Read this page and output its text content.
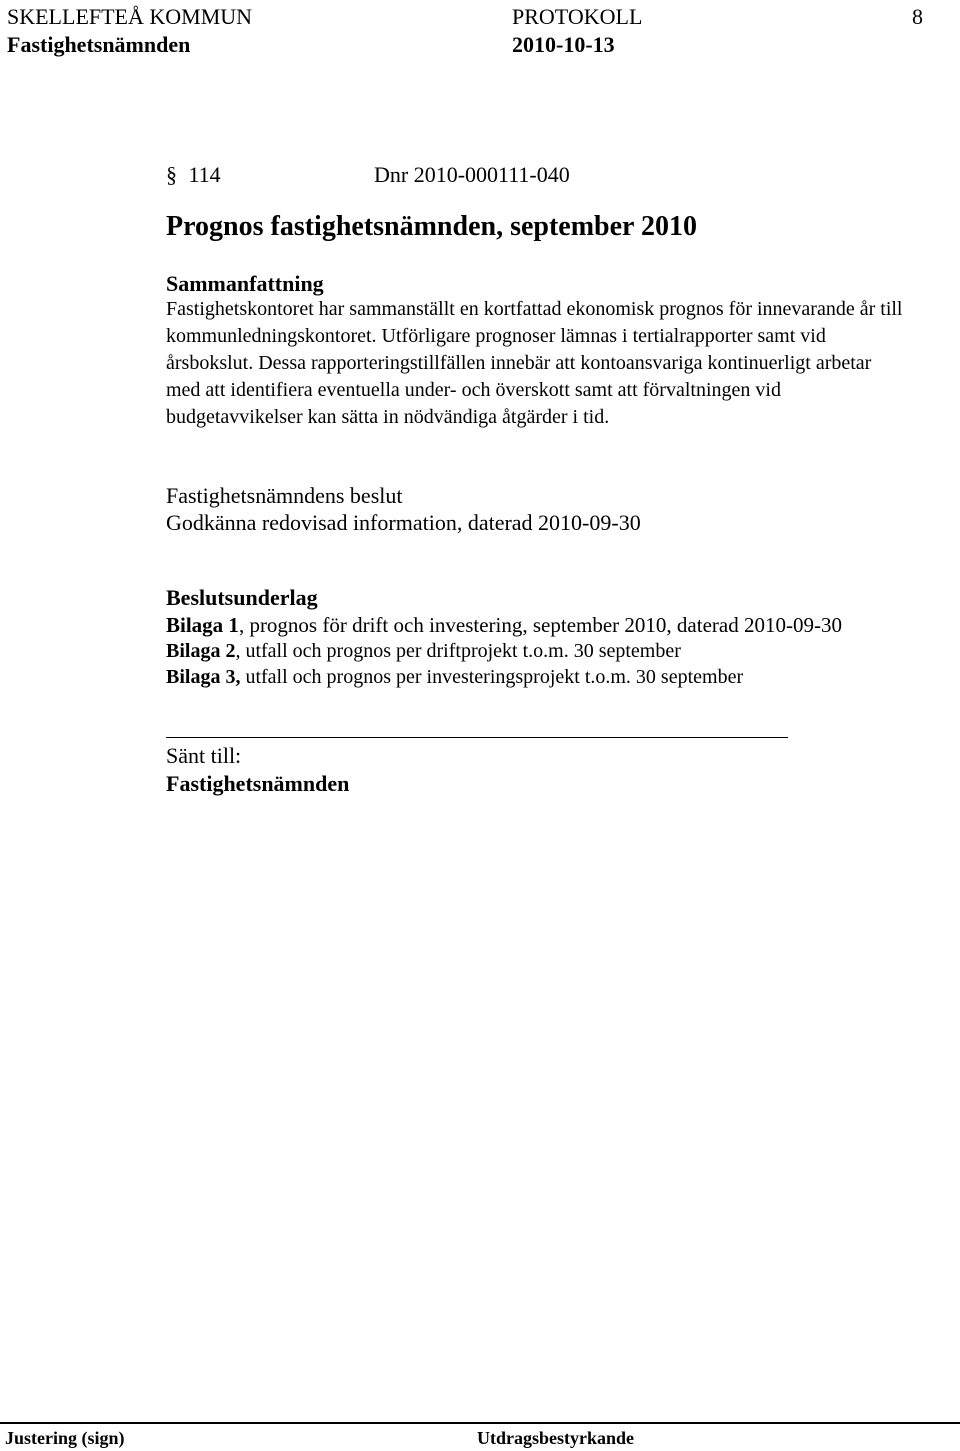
SKELLEFTEÅ KOMMUN	PROTOKOLL	8
Fastighetsnämnden	2010-10-13
§ 114	Dnr 2010-000111-040
Prognos fastighetsnämnden, september 2010
Sammanfattning
Fastighetskontoret har sammanställt en kortfattad ekonomisk prognos för innevarande år till kommunledningskontoret. Utförligare prognoser lämnas i tertialrapporter samt vid årsbokslut. Dessa rapporteringstillfällen innebär att kontoansvariga kontinuerligt arbetar med att identifiera eventuella under- och överskott samt att förvaltningen vid budgetavvikelser kan sätta in nödvändiga åtgärder i tid.
Fastighetsnämndens beslut
Godkänna redovisad information, daterad 2010-09-30
Beslutsunderlag
Bilaga 1, prognos för drift och investering, september 2010, daterad 2010-09-30
Bilaga 2, utfall och prognos per driftprojekt t.o.m. 30 september
Bilaga 3, utfall och prognos per investeringsprojekt t.o.m. 30 september
Sänt till:
Fastighetsnämnden
Justering (sign)	Utdragsbestyrkande
